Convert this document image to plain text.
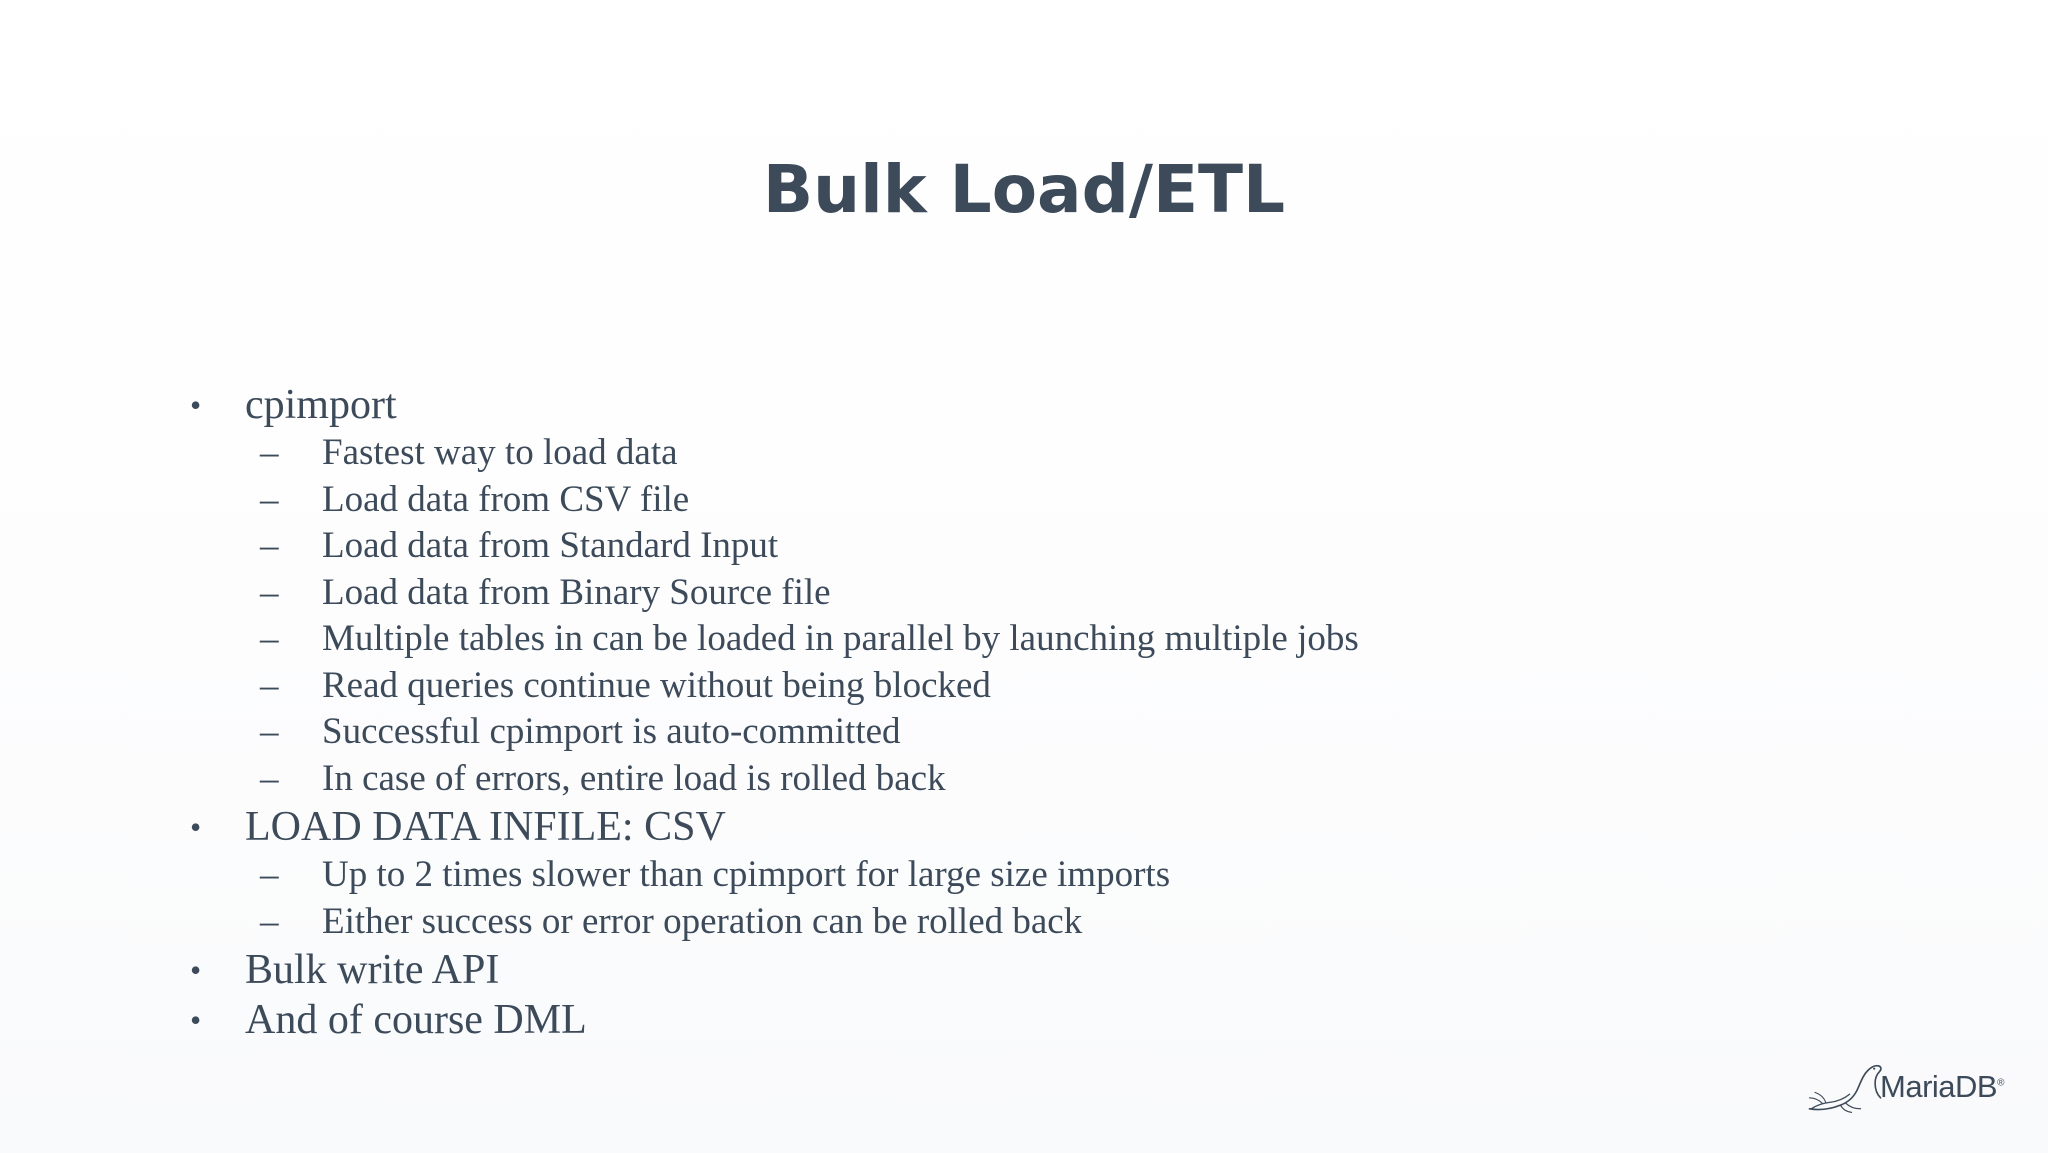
Bulk Load/ETL
• cpimport
– Fastest way to load data
– Load data from CSV file
– Load data from Standard Input
– Load data from Binary Source file
– Multiple tables in can be loaded in parallel by launching multiple jobs
– Read queries continue without being blocked
– Successful cpimport is auto-committed
– In case of errors, entire load is rolled back
• LOAD DATA INFILE: CSV
– Up to 2 times slower than cpimport for large size imports
– Either success or error operation can be rolled back
• Bulk write API
• And of course DML
MariaDB®
